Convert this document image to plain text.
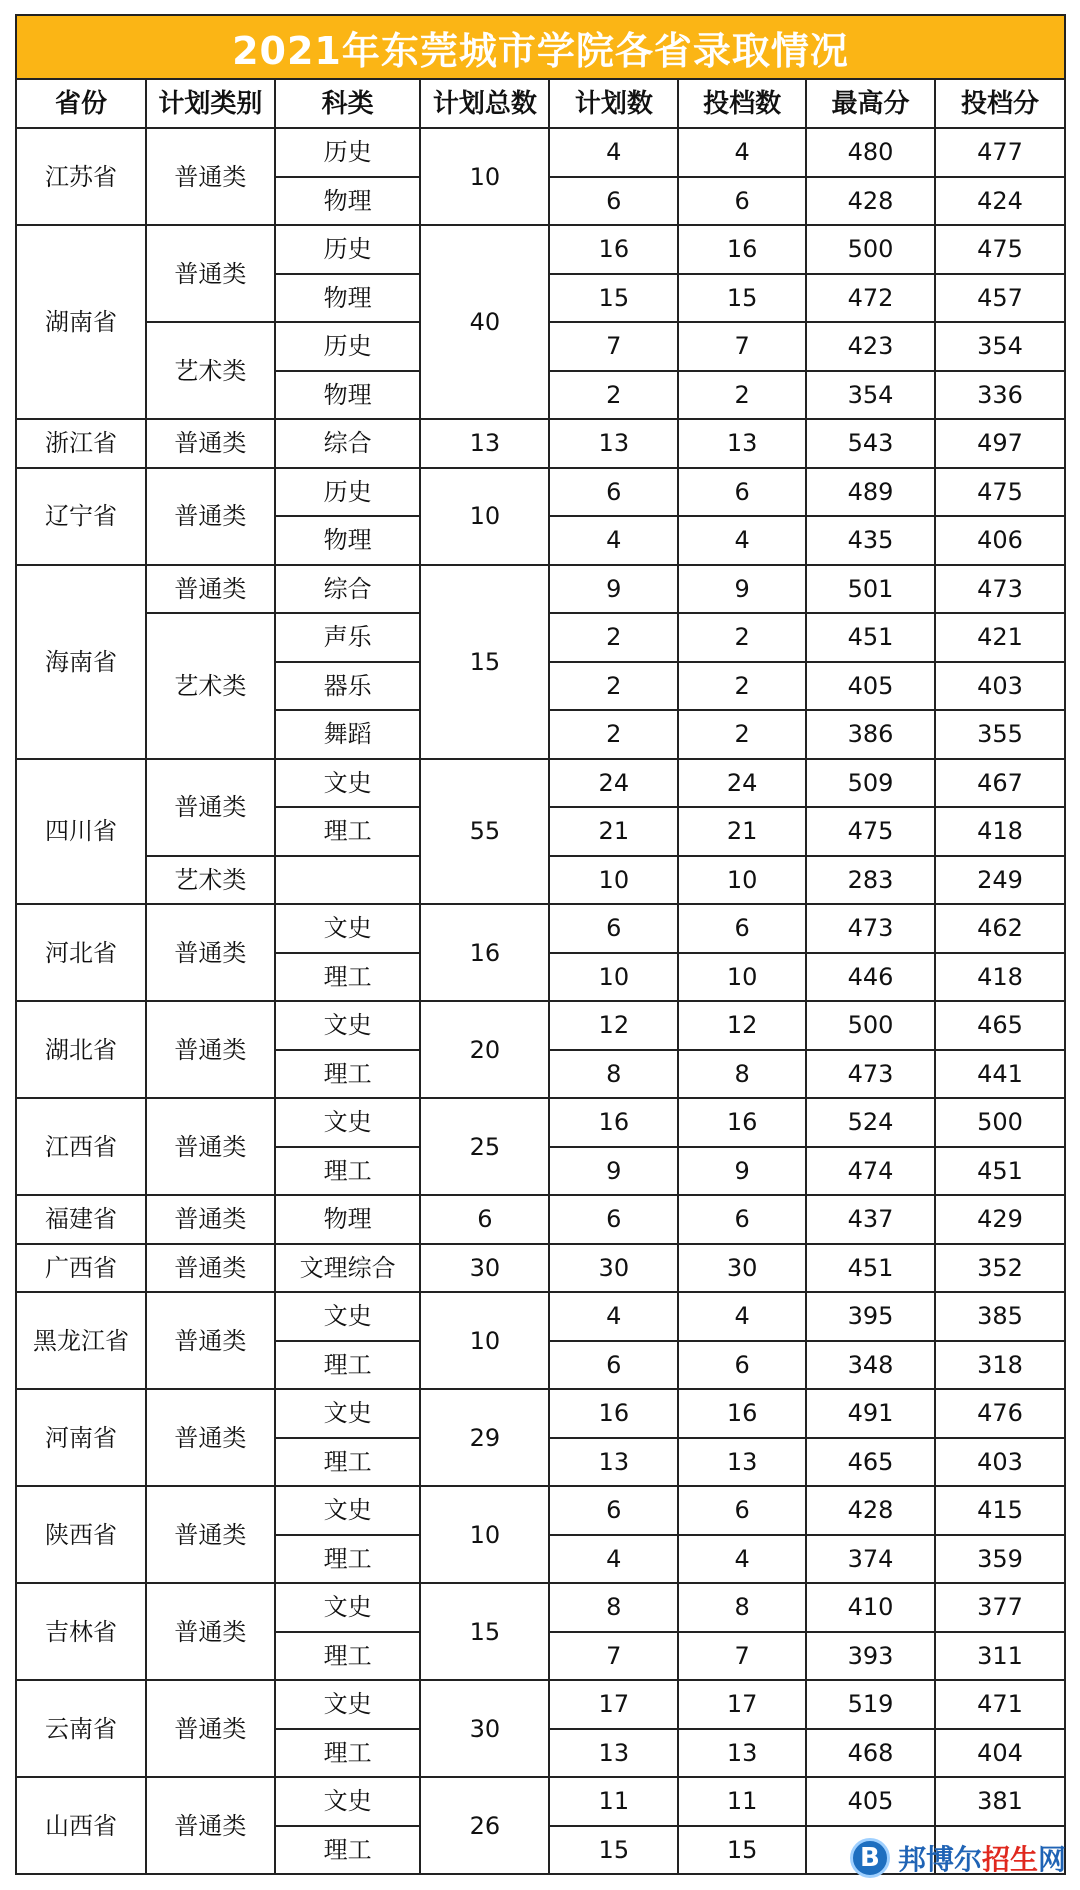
2021年东莞城市学院各省录取情况
省份	计划类别	科类	计划总数	计划数	投档数	最高分	投档分
江苏省	普通类	历史	10	4	4	480	477
		物理		6	6	428	424
湖南省	普通类	历史	40	16	16	500	475
		物理		15	15	472	457
	艺术类	历史		7	7	423	354
		物理		2	2	354	336
浙江省	普通类	综合	13	13	13	543	497
辽宁省	普通类	历史	10	6	6	489	475
		物理		4	4	435	406
海南省	普通类	综合	15	9	9	501	473
	艺术类	声乐		2	2	451	421
		器乐		2	2	405	403
		舞蹈		2	2	386	355
四川省	普通类	文史	55	24	24	509	467
		理工		21	21	475	418
	艺术类			10	10	283	249
河北省	普通类	文史	16	6	6	473	462
		理工		10	10	446	418
湖北省	普通类	文史	20	12	12	500	465
		理工		8	8	473	441
江西省	普通类	文史	25	16	16	524	500
		理工		9	9	474	451
福建省	普通类	物理	6	6	6	437	429
广西省	普通类	文理综合	30	30	30	451	352
黑龙江省	普通类	文史	10	4	4	395	385
		理工		6	6	348	318
河南省	普通类	文史	29	16	16	491	476
		理工		13	13	465	403
陕西省	普通类	文史	10	6	6	428	415
		理工		4	4	374	359
吉林省	普通类	文史	15	8	8	410	377
		理工		7	7	393	311
云南省	普通类	文史	30	17	17	519	471
		理工		13	13	468	404
山西省	普通类	文史	26	11	11	405	381
		理工		15	15			B 邦博尔招生网
